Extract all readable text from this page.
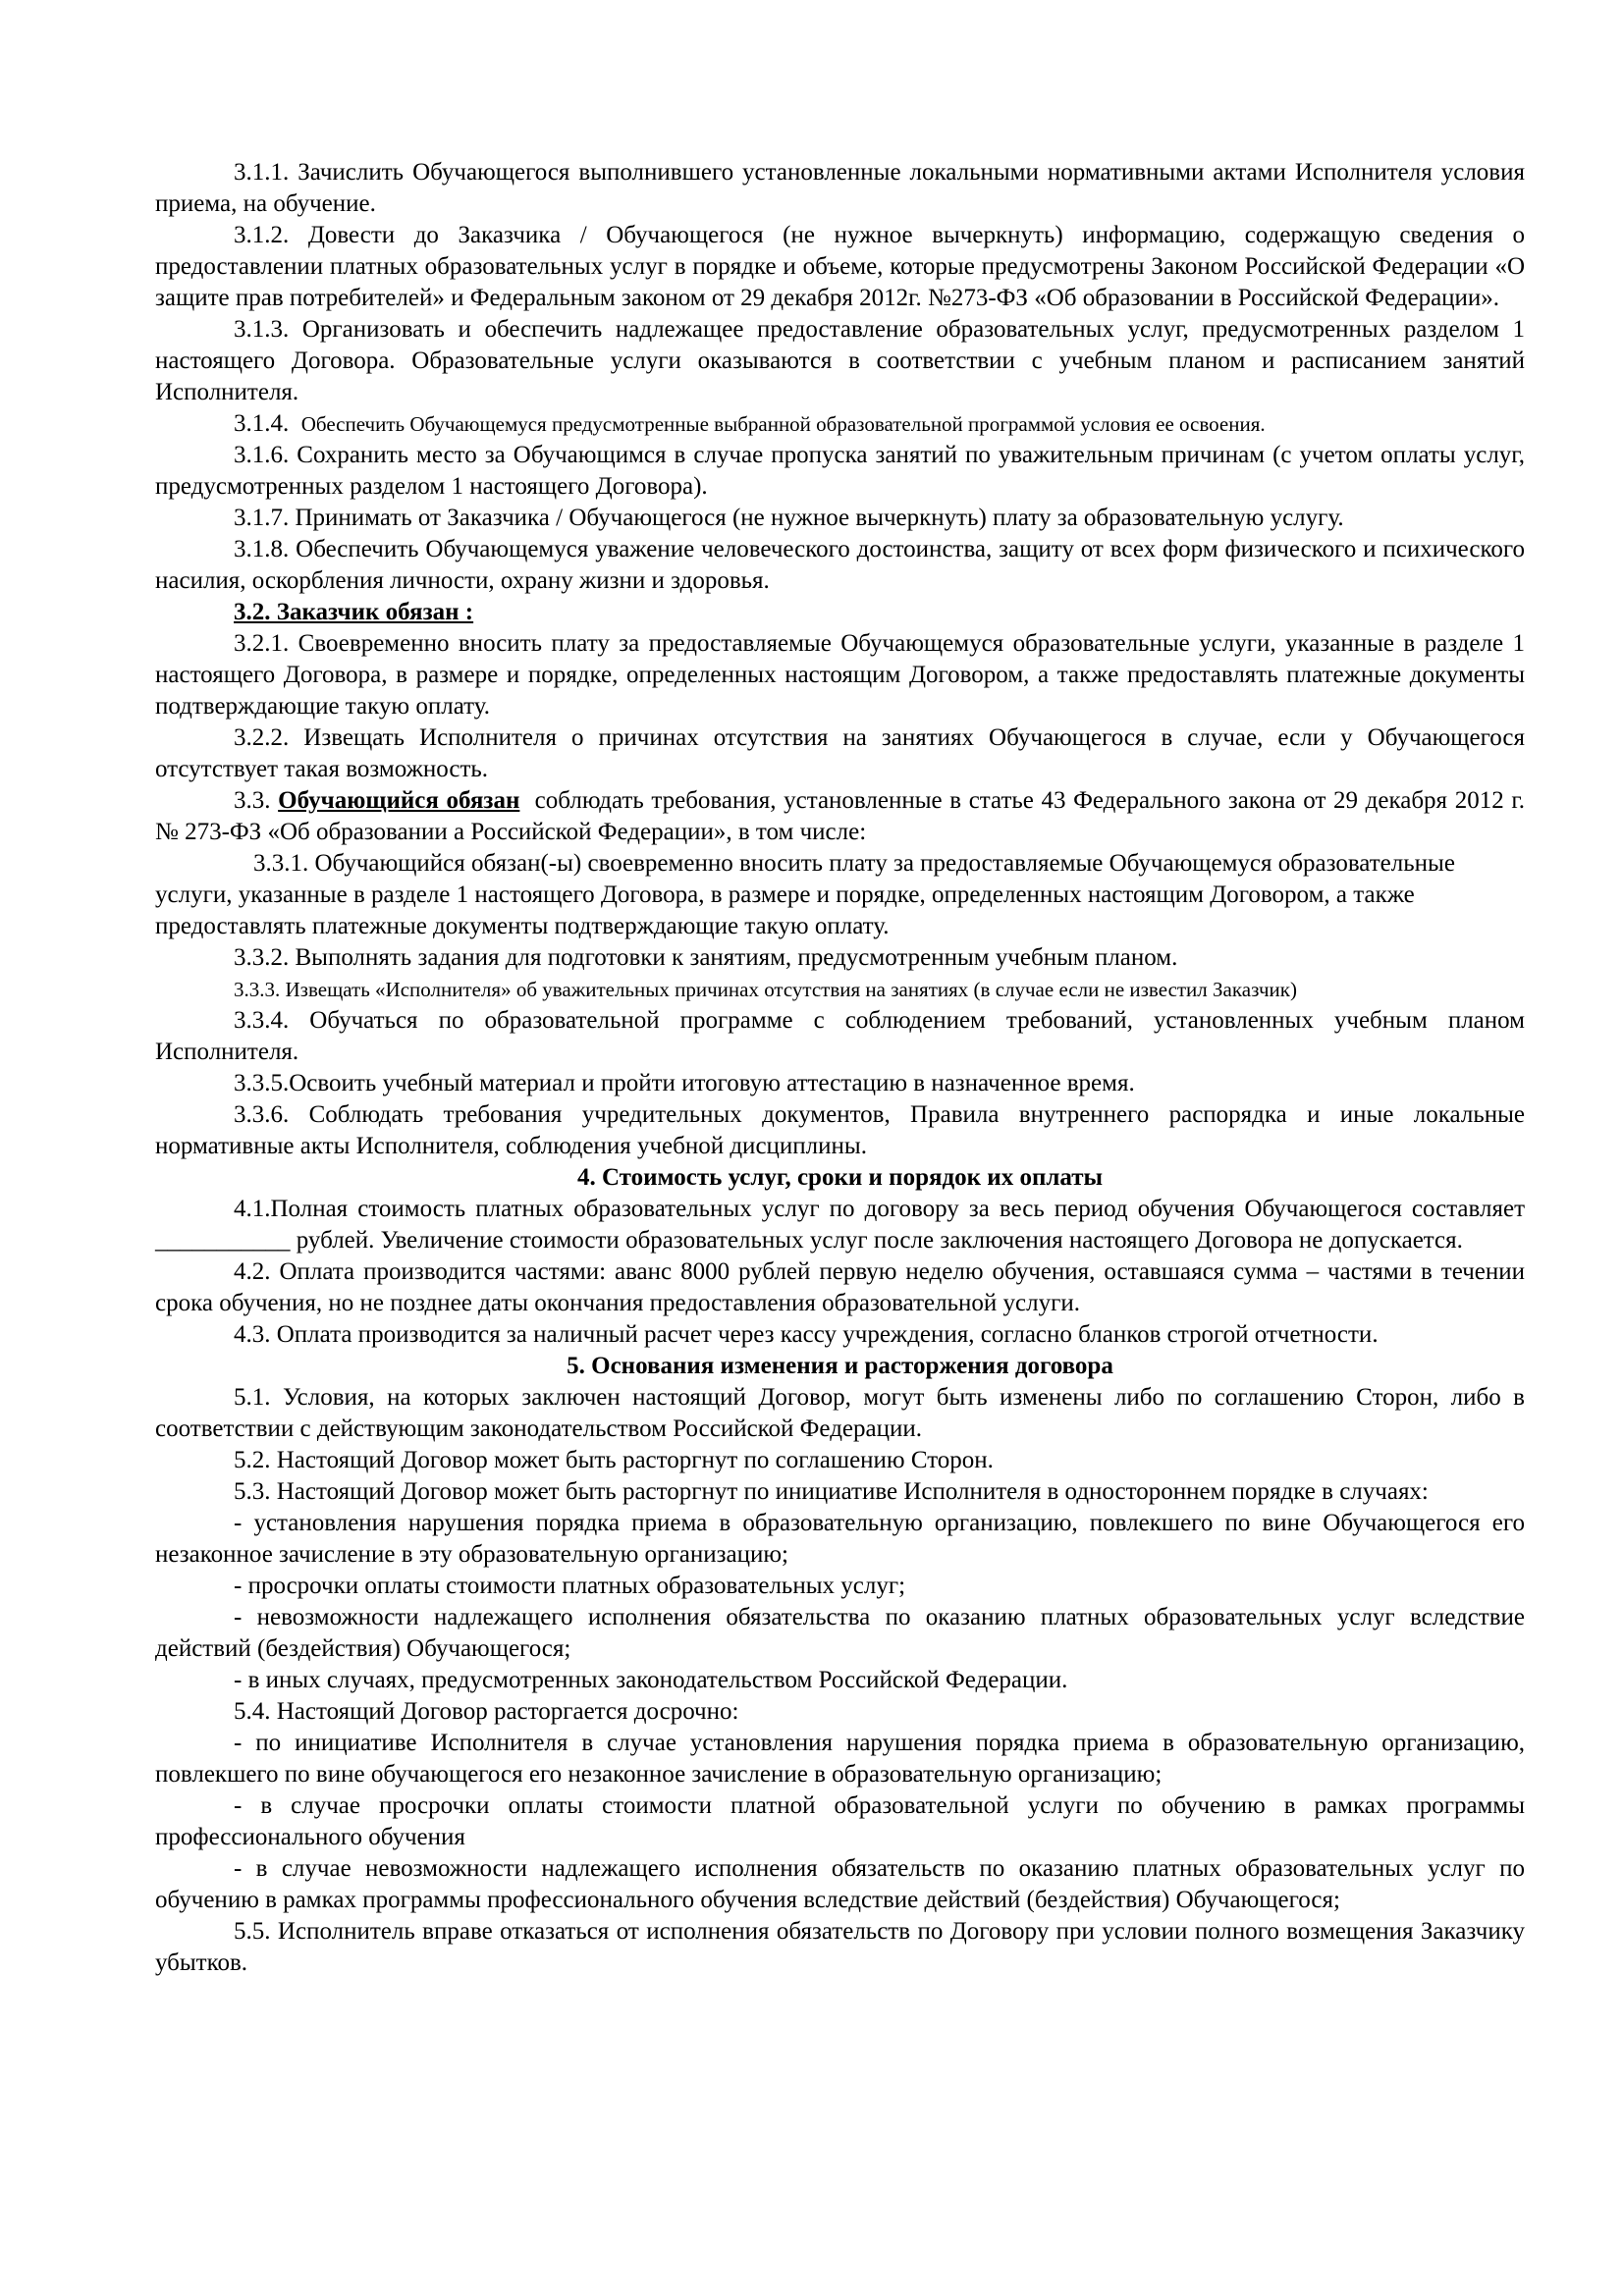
3.1.1. Зачислить Обучающегося выполнившего установленные локальными нормативными актами Исполнителя условия приема, на обучение.

3.1.2. Довести до Заказчика / Обучающегося (не нужное вычеркнуть) информацию, содержащую сведения о предоставлении платных образовательных услуг в порядке и объеме, которые предусмотрены Законом Российской Федерации «О защите прав потребителей» и Федеральным законом от 29 декабря 2012г. №273-ФЗ «Об образовании в Российской Федерации».

3.1.3. Организовать и обеспечить надлежащее предоставление образовательных услуг, предусмотренных разделом 1 настоящего Договора. Образовательные услуги оказываются в соответствии с учебным планом и расписанием занятий Исполнителя.

3.1.4. Обеспечить Обучающемуся предусмотренные выбранной образовательной программой условия ее освоения.

3.1.6. Сохранить место за Обучающимся в случае пропуска занятий по уважительным причинам (с учетом оплаты услуг, предусмотренных разделом 1 настоящего Договора).

3.1.7. Принимать от Заказчика / Обучающегося (не нужное вычеркнуть) плату за образовательную услугу.

3.1.8. Обеспечить Обучающемуся уважение человеческого достоинства, защиту от всех форм физического и психического насилия, оскорбления личности, охрану жизни и здоровья.

3.2. Заказчик обязан :

3.2.1. Своевременно вносить плату за предоставляемые Обучающемуся образовательные услуги, указанные в разделе 1 настоящего Договора, в размере и порядке, определенных настоящим Договором, а также предоставлять платежные документы подтверждающие такую оплату.

3.2.2. Извещать Исполнителя о причинах отсутствия на занятиях Обучающегося в случае, если у Обучающегося отсутствует такая возможность.

3.3. Обучающийся обязан соблюдать требования, установленные в статье 43 Федерального закона от 29 декабря 2012 г. № 273-ФЗ «Об образовании а Российской Федерации», в том числе:

3.3.1. Обучающийся обязан(-ы) своевременно вносить плату за предоставляемые Обучающемуся образовательные услуги, указанные в разделе 1 настоящего Договора, в размере и порядке, определенных настоящим Договором, а также предоставлять платежные документы подтверждающие такую оплату.

3.3.2. Выполнять задания для подготовки к занятиям, предусмотренным учебным планом.

3.3.3. Извещать «Исполнителя» об уважительных причинах отсутствия на занятиях (в случае если не известил Заказчик)

3.3.4. Обучаться по образовательной программе с соблюдением требований, установленных учебным планом Исполнителя.

3.3.5.Освоить учебный материал и пройти итоговую аттестацию в назначенное время.

3.3.6. Соблюдать требования учредительных документов, Правила внутреннего распорядка и иные локальные нормативные акты Исполнителя, соблюдения учебной дисциплины.

4. Стоимость услуг, сроки и порядок их оплаты

4.1.Полная стоимость платных образовательных услуг по договору за весь период обучения Обучающегося составляет ___________ рублей. Увеличение стоимости образовательных услуг после заключения настоящего Договора не допускается.

4.2. Оплата производится частями: аванс 8000 рублей первую неделю обучения, оставшаяся сумма – частями в течении срока обучения, но не позднее даты окончания предоставления образовательной услуги.

4.3. Оплата производится за наличный расчет через кассу учреждения, согласно бланков строгой отчетности.

5. Основания изменения и расторжения договора

5.1. Условия, на которых заключен настоящий Договор, могут быть изменены либо по соглашению Сторон, либо в соответствии с действующим законодательством Российской Федерации.

5.2. Настоящий Договор может быть расторгнут по соглашению Сторон.

5.3. Настоящий Договор может быть расторгнут по инициативе Исполнителя в одностороннем порядке в случаях:

- установления нарушения порядка приема в образовательную организацию, повлекшего по вине Обучающегося его незаконное зачисление в эту образовательную организацию;

- просрочки оплаты стоимости платных образовательных услуг;

- невозможности надлежащего исполнения обязательства по оказанию платных образовательных услуг вследствие действий (бездействия) Обучающегося;

- в иных случаях, предусмотренных законодательством Российской Федерации.

5.4. Настоящий Договор расторгается досрочно:

- по инициативе Исполнителя в случае установления нарушения порядка приема в образовательную организацию, повлекшего по вине обучающегося его незаконное зачисление в образовательную организацию;

- в случае просрочки оплаты стоимости платной образовательной услуги по обучению в рамках программы профессионального обучения

- в случае невозможности надлежащего исполнения обязательств по оказанию платных образовательных услуг по обучению в рамках программы профессионального обучения вследствие действий (бездействия) Обучающегося;

5.5. Исполнитель вправе отказаться от исполнения обязательств по Договору при условии полного возмещения Заказчику убытков.
